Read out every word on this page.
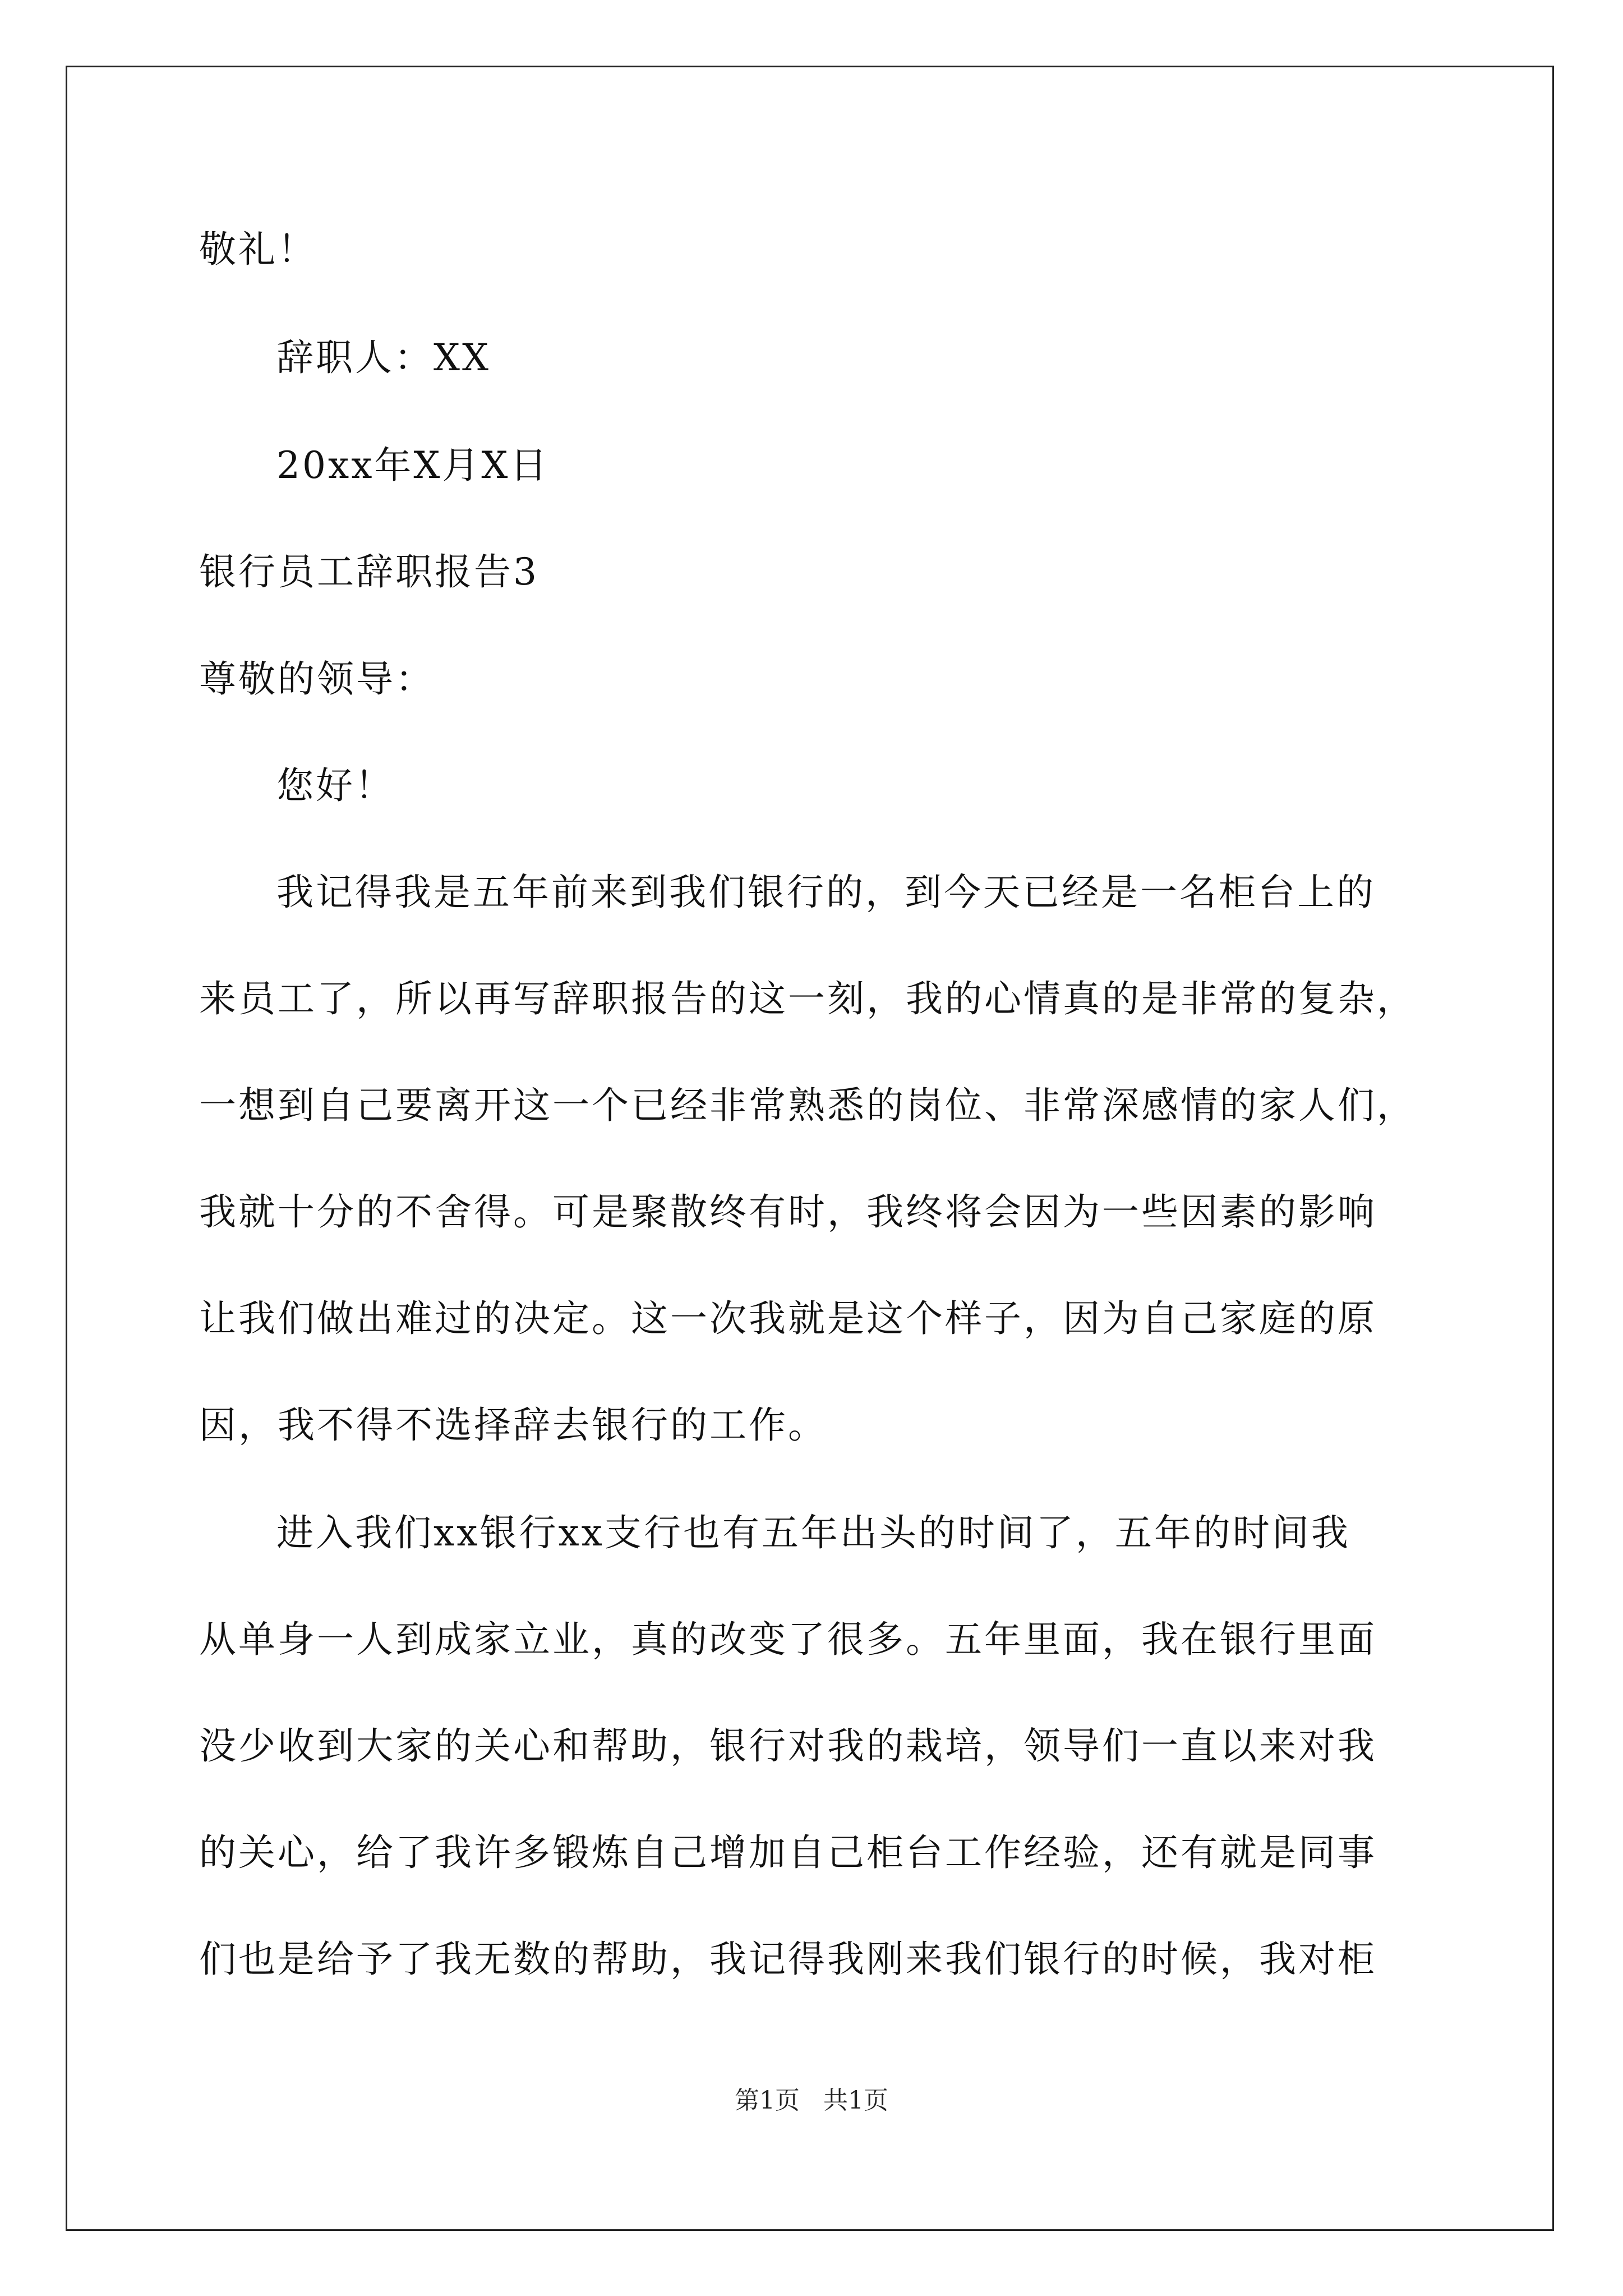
敬礼！
辞职人：XX
20xx年X月X日
银行员工辞职报告3
尊敬的领导：
您好！
我记得我是五年前来到我们银行的，到今天已经是一名柜台上的
来员工了，所以再写辞职报告的这一刻，我的心情真的是非常的复杂，
一想到自己要离开这一个已经非常熟悉的岗位、非常深感情的家人们，
我就十分的不舍得。可是聚散终有时，我终将会因为一些因素的影响
让我们做出难过的决定。这一次我就是这个样子，因为自己家庭的原
因，我不得不选择辞去银行的工作。
进入我们xx银行xx支行也有五年出头的时间了，五年的时间我
从单身一人到成家立业，真的改变了很多。五年里面，我在银行里面
没少收到大家的关心和帮助，银行对我的栽培，领导们一直以来对我
的关心，给了我许多锻炼自己增加自己柜台工作经验，还有就是同事
们也是给予了我无数的帮助，我记得我刚来我们银行的时候，我对柜
第1页   共1页
